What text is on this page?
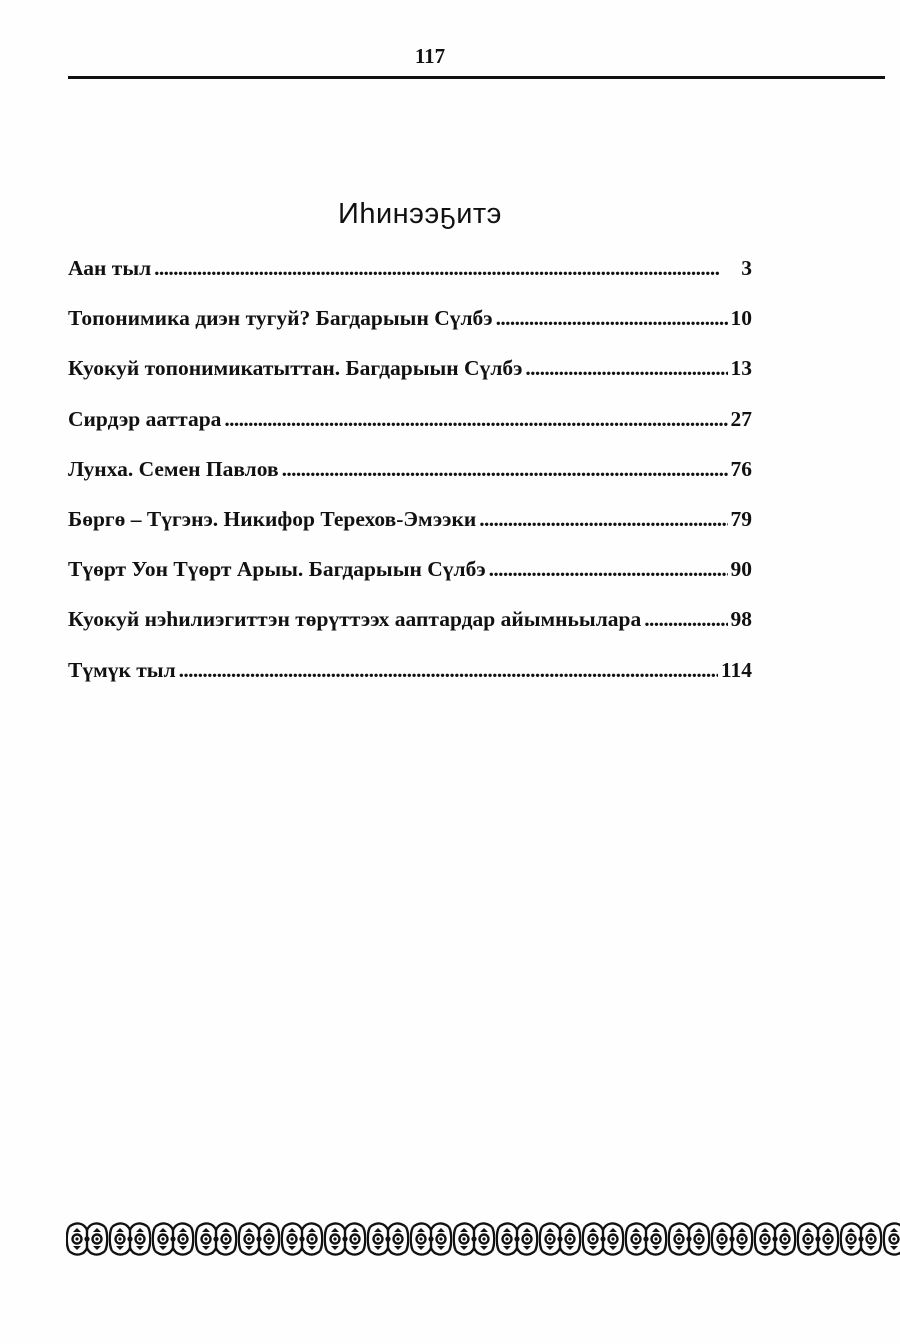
117
Иһинээҕитэ
Аан тыл . . .	3
Топонимика диэн тугуй? Багдарыын Сүлбэ . . .	10
Куокуй топонимикатыттан. Багдарыын Сүлбэ . . .	13
Сирдэр ааттара . . .	27
Лунха. Семен Павлов . . .	76
Бөргө – Түгэнэ. Никифор Терехов-Эмээки . . .	79
Түөрт Уон Түөрт Арыы. Багдарыын Сүлбэ . . .	90
Куокуй нэһилиэгиттэн төрүттээх ааптардар айымньылара . . .	98
Түмүк тыл . . .	114
